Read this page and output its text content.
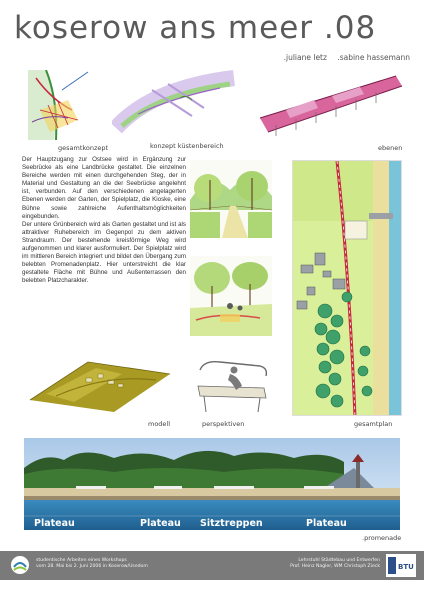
koserow ans meer .08
.juliane letz .sabine hassemann
gesamtkonzept	konzept küstenbereich	ebenen

Der Hauptzugang zur Ostsee wird in Ergänzung zur Seebrücke als eine Landbrücke gestaltet. Die einzelnen Bereiche werden mit einen durchgehenden Steg, der in Material und Gestaltung an die der Seebrücke angelehnt ist, verbunden. Auf den verschiedenen angelagerten Ebenen werden der Garten, der Spielplatz, die Kioske, eine Bühne sowie zahlreiche Aufenthaltsmöglichkeiten eingebunden.

Der untere Grünbereich wird als Garten gestaltet und ist als attraktiver Ruhebereich im Gegenpol zu dem aktiven Strandraum. Der bestehende kreisförmige Weg wird aufgenommen und klarer ausformuliert. Der Spielplatz wird im mittleren Bereich integriert und bildet den Übergang zum belebten Promenadenplatz. Hier unterstreicht die klar gestaltete Fläche mit Bühne und Außenterrassen den belebten Platzcharakter.

perspektiven	gesamtplan
modell
Plateau	Plateau Sitztreppen	Plateau
.promenade
studentische Arbeiten eines Workshops
vom 28. Mai bis 2. Juni 2006 in Koserow/Usedom
Lehrstuhl Städtebau und Entwerfen
Prof. Heinz Nagler, WM Christoph Zieck	BTU
